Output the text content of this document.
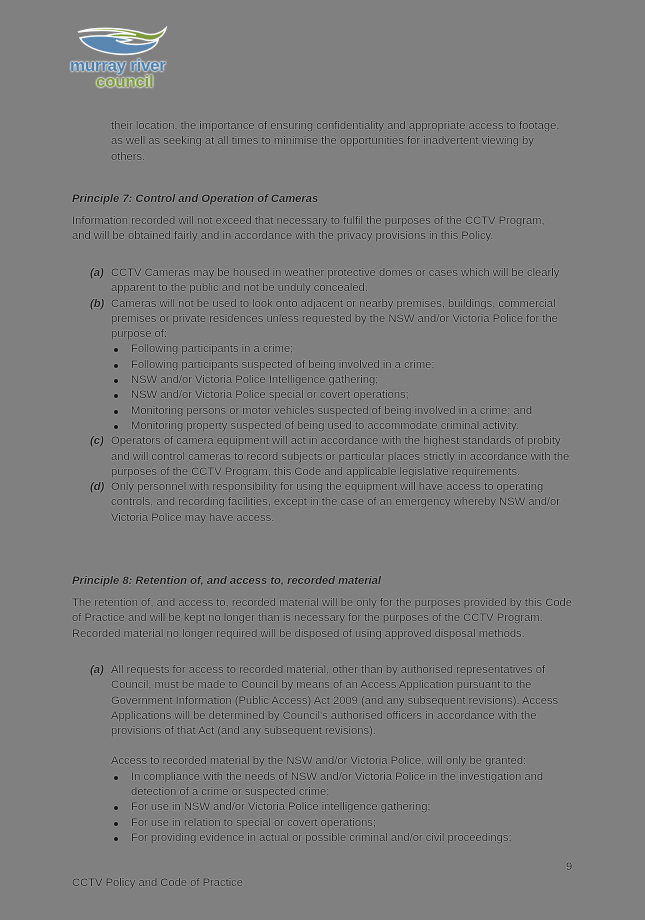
murray river
council
their location, the importance of ensuring confidentiality and appropriate access to footage, as well as seeking at all times to minimise the opportunities for inadvertent viewing by others.
Principle 7: Control and Operation of Cameras
Information recorded will not exceed that necessary to fulfil the purposes of the CCTV Program, and will be obtained fairly and in accordance with the privacy provisions in this Policy.
(a) CCTV Cameras may be housed in weather protective domes or cases which will be clearly apparent to the public and not be unduly concealed.
(b) Cameras will not be used to look onto adjacent or nearby premises, buildings, commercial premises or private residences unless requested by the NSW and/or Victoria Police for the purpose of:
Following participants in a crime;
Following participants suspected of being involved in a crime;
NSW and/or Victoria Police Intelligence gathering;
NSW and/or Victoria Police special or covert operations;
Monitoring persons or motor vehicles suspected of being involved in a crime; and
Monitoring property suspected of being used to accommodate criminal activity.
(c) Operators of camera equipment will act in accordance with the highest standards of probity and will control cameras to record subjects or particular places strictly in accordance with the purposes of the CCTV Program, this Code and applicable legislative requirements.
(d) Only personnel with responsibility for using the equipment will have access to operating controls, and recording facilities, except in the case of an emergency whereby NSW and/or Victoria Police may have access.
Principle 8: Retention of, and access to, recorded material
The retention of, and access to, recorded material will be only for the purposes provided by this Code of Practice and will be kept no longer than is necessary for the purposes of the CCTV Program. Recorded material no longer required will be disposed of using approved disposal methods.
(a) All requests for access to recorded material, other than by authorised representatives of Council, must be made to Council by means of an Access Application pursuant to the Government Information (Public Access) Act 2009 (and any subsequent revisions). Access Applications will be determined by Council's authorised officers in accordance with the provisions of that Act (and any subsequent revisions).
Access to recorded material by the NSW and/or Victoria Police, will only be granted:
In compliance with the needs of NSW and/or Victoria Police in the investigation and detection of a crime or suspected crime;
For use in NSW and/or Victoria Police intelligence gathering;
For use in relation to special or covert operations;
For providing evidence in actual or possible criminal and/or civil proceedings;
9
CCTV Policy and Code of Practice
